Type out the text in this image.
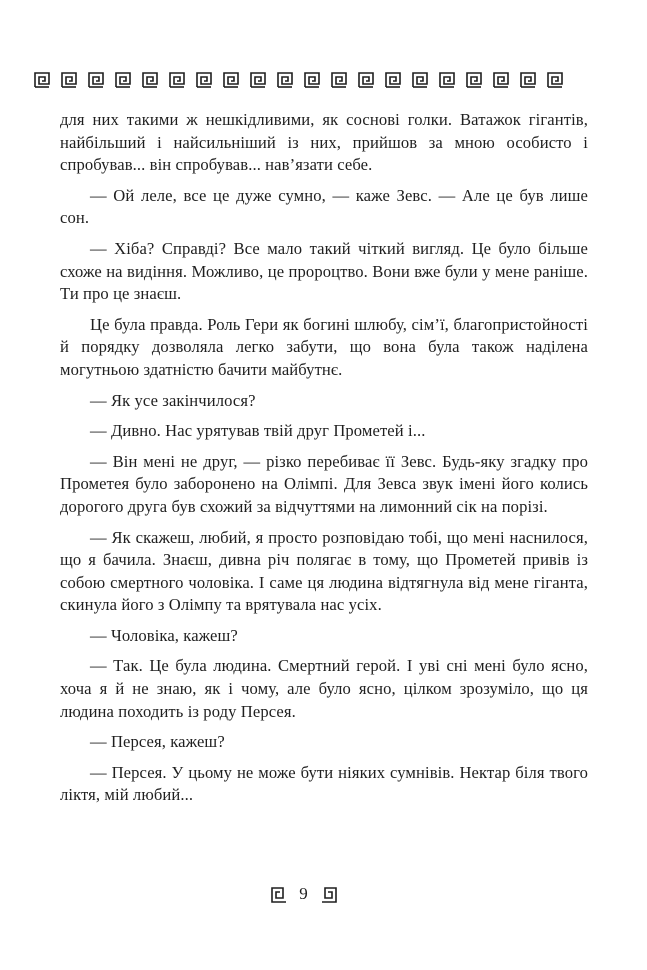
для них такими ж нешкідливими, як соснові голки. Ватажок гігантів, найбільший і найсильніший із них, прийшов за мною особисто і спробував... він спробував... нав’язати себе.

— Ой леле, все це дуже сумно, — каже Зевс. — Але це був лише сон.

— Хіба? Справді? Все мало такий чіткий вигляд. Це було більше схоже на видіння. Можливо, це пророцтво. Вони вже були у мене раніше. Ти про це знаєш.

Це була правда. Роль Гери як богині шлюбу, сім’ї, благопристойності й порядку дозволяла легко забути, що вона була також наділена могутньою здатністю бачити майбутнє.

— Як усе закінчилося?

— Дивно. Нас урятував твій друг Прометей і...

— Він мені не друг, — різко перебиває її Зевс. Будь-яку згадку про Прометея було заборонено на Олімпі. Для Зевса звук імені його колись дорогого друга був схожий за відчуттями на лимонний сік на порізі.

— Як скажеш, любий, я просто розповідаю тобі, що мені наснилося, що я бачила. Знаєш, дивна річ полягає в тому, що Прометей привів із собою смертного чоловіка. І саме ця людина відтягнула від мене гіганта, скинула його з Олімпу та врятувала нас усіх.

— Чоловіка, кажеш?

— Так. Це була людина. Смертний герой. І уві сні мені було ясно, хоча я й не знаю, як і чому, але було ясно, цілком зрозуміло, що ця людина походить із роду Персея.

— Персея, кажеш?

— Персея. У цьому не може бути ніяких сумнівів. Нектар біля твого ліктя, мій любий...

9
